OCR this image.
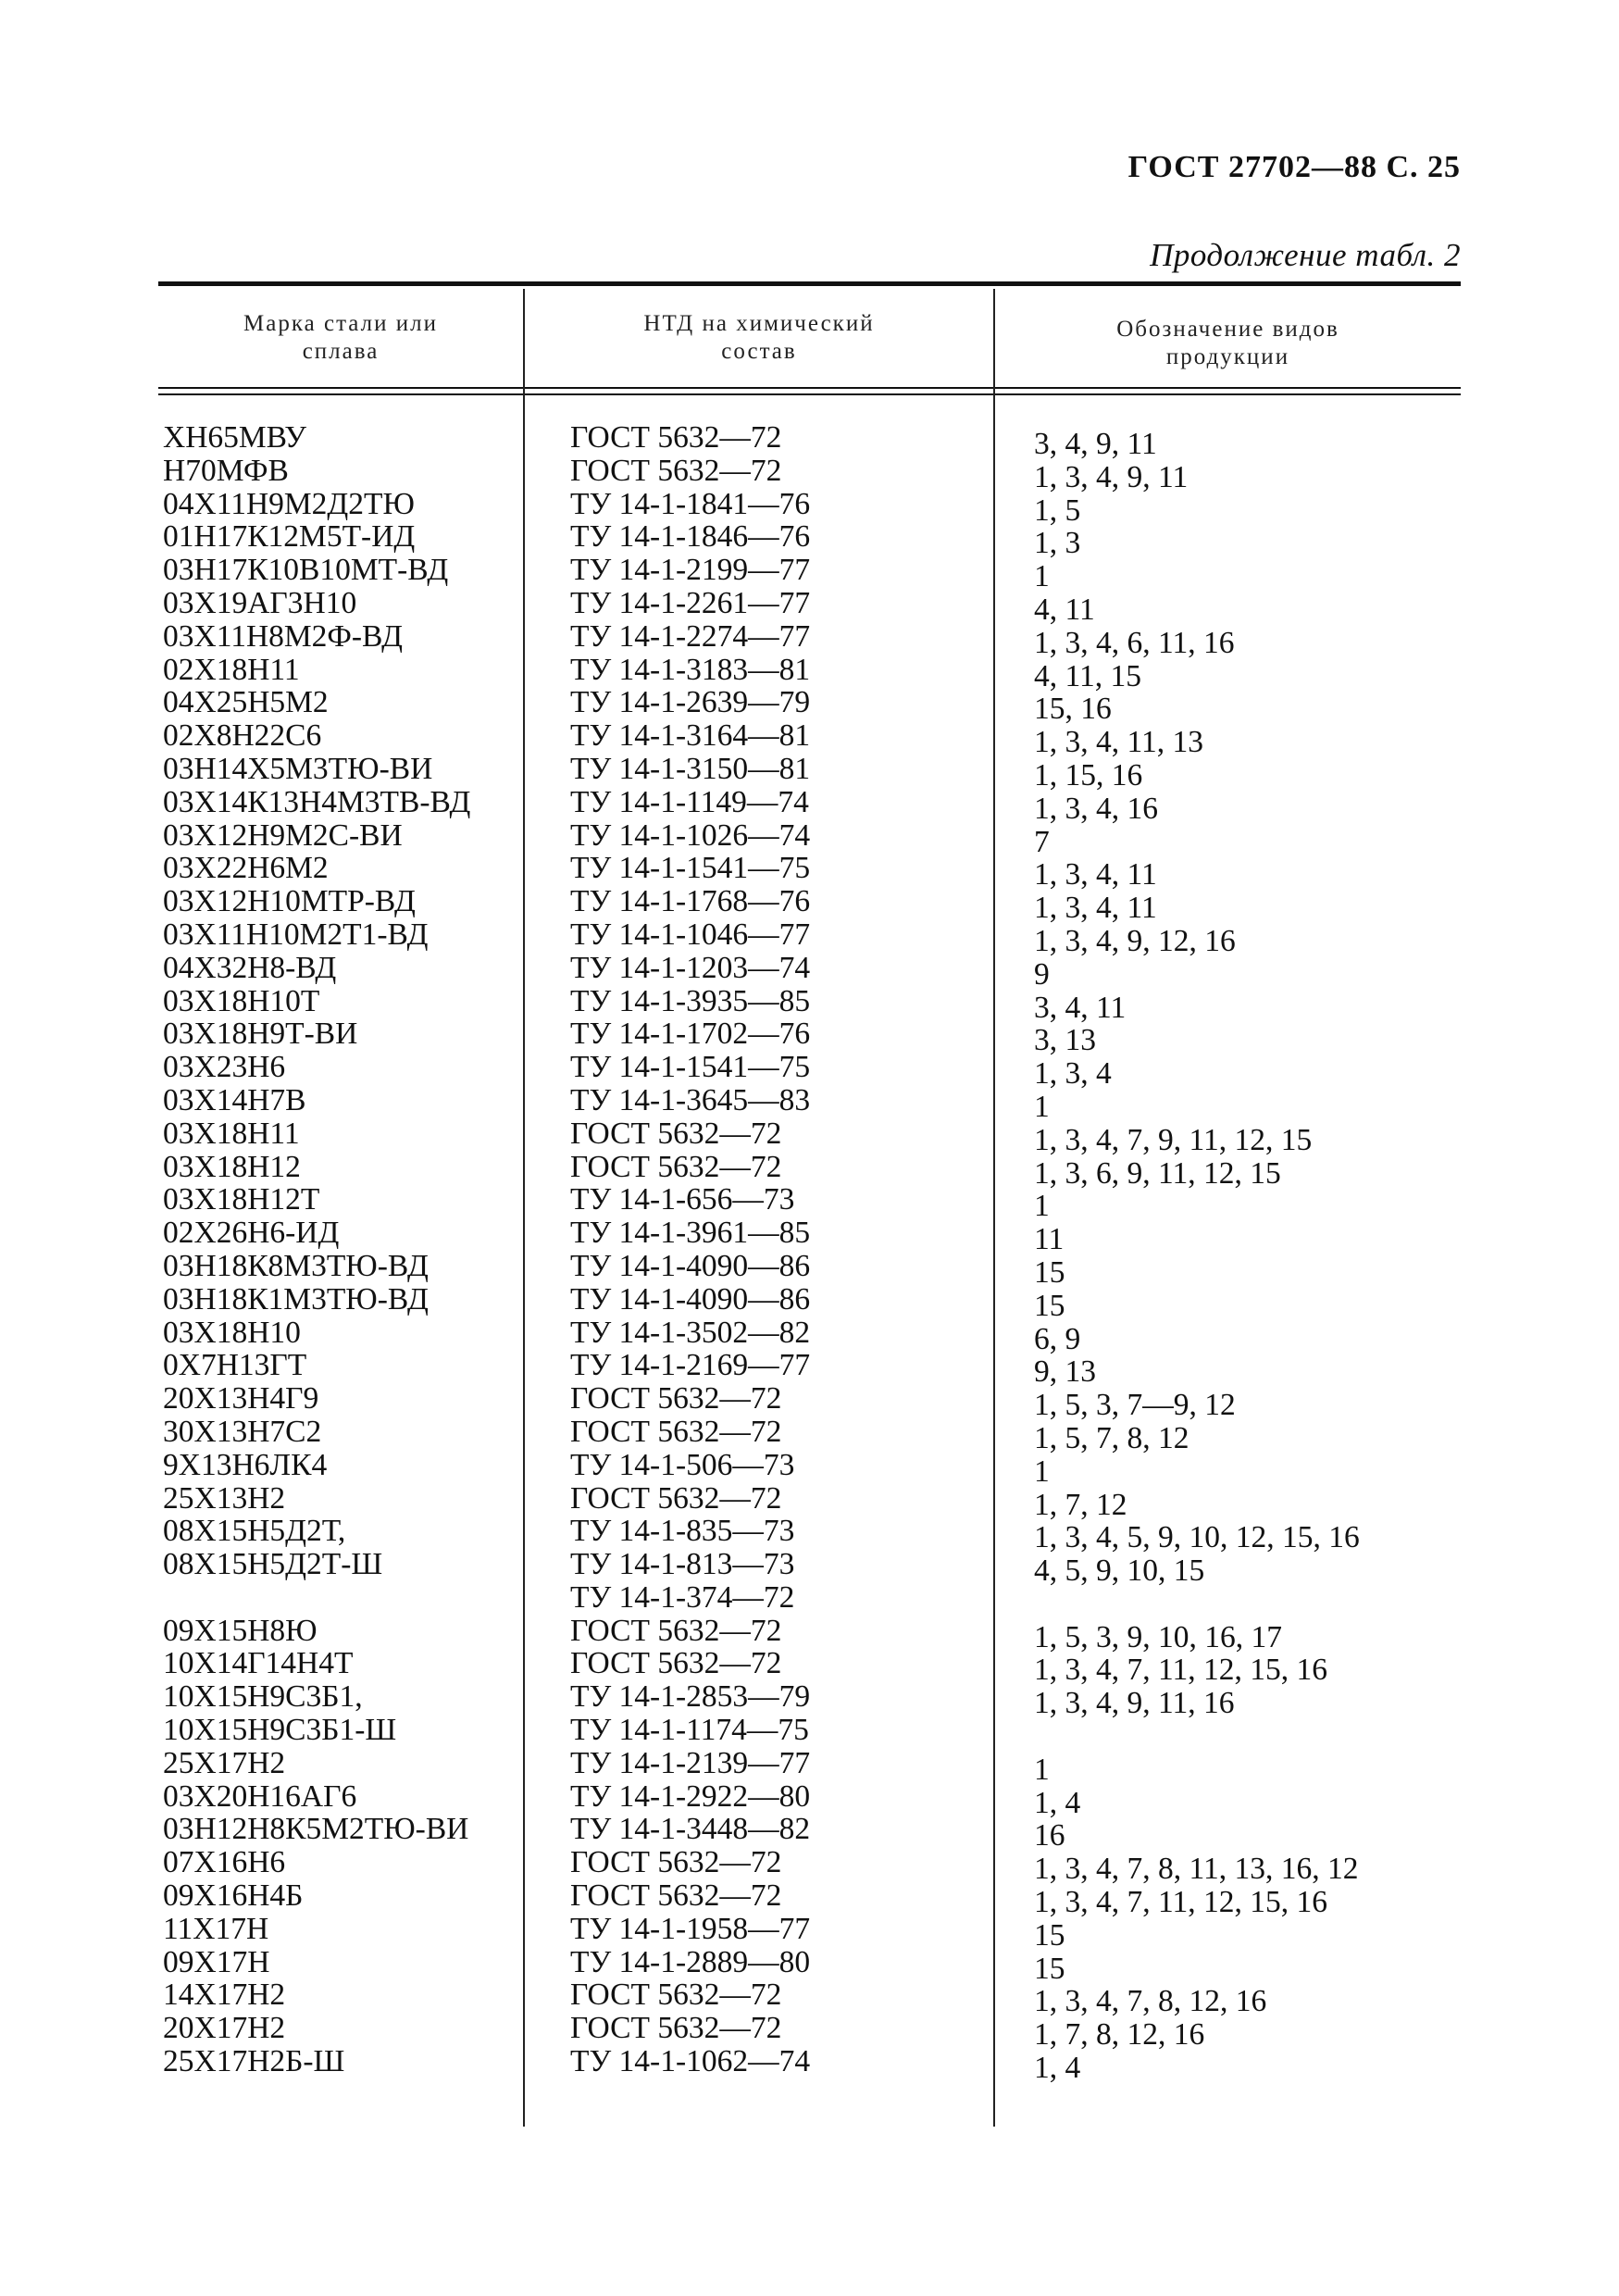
ГОСТ 27702—88 С. 25
Продолжение табл. 2
Марка стали или
сплава
НТД на химический
состав
Обозначение видов
продукции
ХН65МВУ
Н70МФВ
04Х11Н9М2Д2ТЮ
01Н17К12М5Т-ИД
03Н17К10В10МТ-ВД
03Х19АГ3Н10
03Х11Н8М2Ф-ВД
02Х18Н11
04Х25Н5М2
02Х8Н22С6
03Н14Х5М3ТЮ-ВИ
03Х14К13Н4М3ТВ-ВД
03Х12Н9М2С-ВИ
03Х22Н6М2
03Х12Н10МТР-ВД
03Х11Н10М2Т1-ВД
04Х32Н8-ВД
03Х18Н10Т
03Х18Н9Т-ВИ
03Х23Н6
03Х14Н7В
03Х18Н11
03Х18Н12
03Х18Н12Т
02Х26Н6-ИД
03Н18К8М3ТЮ-ВД
03Н18К1М3ТЮ-ВД
03Х18Н10
0Х7Н13ГТ
20Х13Н4Г9
30Х13Н7С2
9Х13Н6ЛК4
25Х13Н2
08Х15Н5Д2Т,
08Х15Н5Д2Т-Ш
09Х15Н8Ю
10Х14Г14Н4Т
10Х15Н9С3Б1,
10Х15Н9С3Б1-Ш
25Х17Н2
03Х20Н16АГ6
03Н12Н8К5М2ТЮ-ВИ
07Х16Н6
09Х16Н4Б
11Х17Н
09Х17Н
14Х17Н2
20Х17Н2
25Х17Н2Б-Ш
ГОСТ 5632—72
ГОСТ 5632—72
ТУ 14-1-1841—76
ТУ 14-1-1846—76
ТУ 14-1-2199—77
ТУ 14-1-2261—77
ТУ 14-1-2274—77
ТУ 14-1-3183—81
ТУ 14-1-2639—79
ТУ 14-1-3164—81
ТУ 14-1-3150—81
ТУ 14-1-1149—74
ТУ 14-1-1026—74
ТУ 14-1-1541—75
ТУ 14-1-1768—76
ТУ 14-1-1046—77
ТУ 14-1-1203—74
ТУ 14-1-3935—85
ТУ 14-1-1702—76
ТУ 14-1-1541—75
ТУ 14-1-3645—83
ГОСТ 5632—72
ГОСТ 5632—72
ТУ 14-1-656—73
ТУ 14-1-3961—85
ТУ 14-1-4090—86
ТУ 14-1-4090—86
ТУ 14-1-3502—82
ТУ 14-1-2169—77
ГОСТ 5632—72
ГОСТ 5632—72
ТУ 14-1-506—73
ГОСТ 5632—72
ТУ 14-1-835—73
ТУ 14-1-813—73
ТУ 14-1-374—72
ГОСТ 5632—72
ГОСТ 5632—72
ТУ 14-1-2853—79
ТУ 14-1-1174—75
ТУ 14-1-2139—77
ТУ 14-1-2922—80
ТУ 14-1-3448—82
ГОСТ 5632—72
ГОСТ 5632—72
ТУ 14-1-1958—77
ТУ 14-1-2889—80
ГОСТ 5632—72
ГОСТ 5632—72
ТУ 14-1-1062—74
3, 4, 9, 11
1, 3, 4, 9, 11
1, 5
1, 3
1
4, 11
1, 3, 4, 6, 11, 16
4, 11, 15
15, 16
1, 3, 4, 11, 13
1, 15, 16
1, 3, 4, 16
7
1, 3, 4, 11
1, 3, 4, 11
1, 3, 4, 9, 12, 16
9
3, 4, 11
3, 13
1, 3, 4
1
1, 3, 4, 7, 9, 11, 12, 15
1, 3, 6, 9, 11, 12, 15
1
11
15
15
6, 9
9, 13
1, 5, 3, 7—9, 12
1, 5, 7, 8, 12
1
1, 7, 12
1, 3, 4, 5, 9, 10, 12, 15, 16
4, 5, 9, 10, 15
1, 5, 3, 9, 10, 16, 17
1, 3, 4, 7, 11, 12, 15, 16
1, 3, 4, 9, 11, 16
1
1, 4
16
1, 3, 4, 7, 8, 11, 13, 16, 12
1, 3, 4, 7, 11, 12, 15, 16
15
15
1, 3, 4, 7, 8, 12, 16
1, 7, 8, 12, 16
1, 4
